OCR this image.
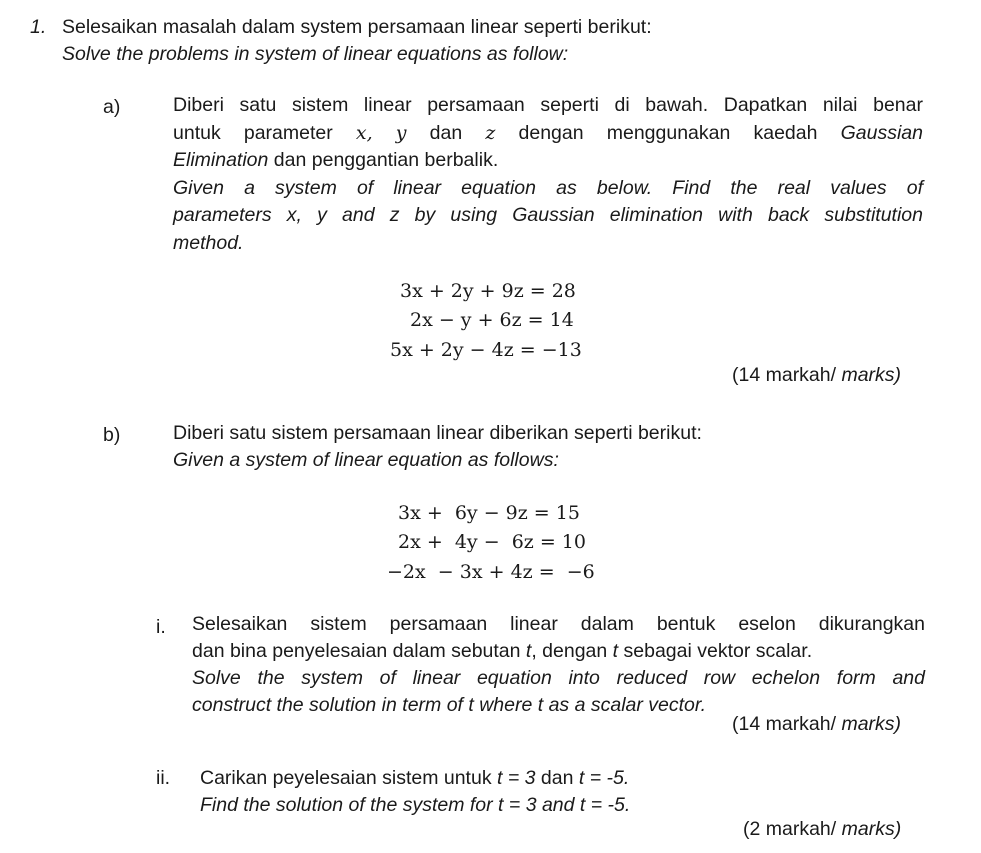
1. Selesaikan masalah dalam system persamaan linear seperti berikut:
Solve the problems in system of linear equations as follow:
a)	Diberi satu sistem linear persamaan seperti di bawah. Dapatkan nilai benar
untuk parameter x, y dan z dengan menggunakan kaedah Gaussian
Elimination dan penggantian berbalik.
Given a system of linear equation as below. Find the real values of
parameters x, y and z by using Gaussian elimination with back substitution
method.
3x + 2y + 9z = 28
2x − y + 6z = 14
5x + 2y − 4z = −13
(14 markah/ marks)
b)	Diberi satu sistem persamaan linear diberikan seperti berikut:
Given a system of linear equation as follows:
3x +  6y − 9z = 15
2x +  4y −  6z = 10
−2x  − 3x + 4z =  −6
i. Selesaikan sistem persamaan linear dalam bentuk eselon dikurangkan
dan bina penyelesaian dalam sebutan t, dengan t sebagai vektor scalar.
Solve the system of linear equation into reduced row echelon form and
construct the solution in term of t where t as a scalar vector.
(14 markah/ marks)
ii. Carikan peyelesaian sistem untuk t = 3 dan t = -5.
Find the solution of the system for t = 3 and t = -5.
(2 markah/ marks)
